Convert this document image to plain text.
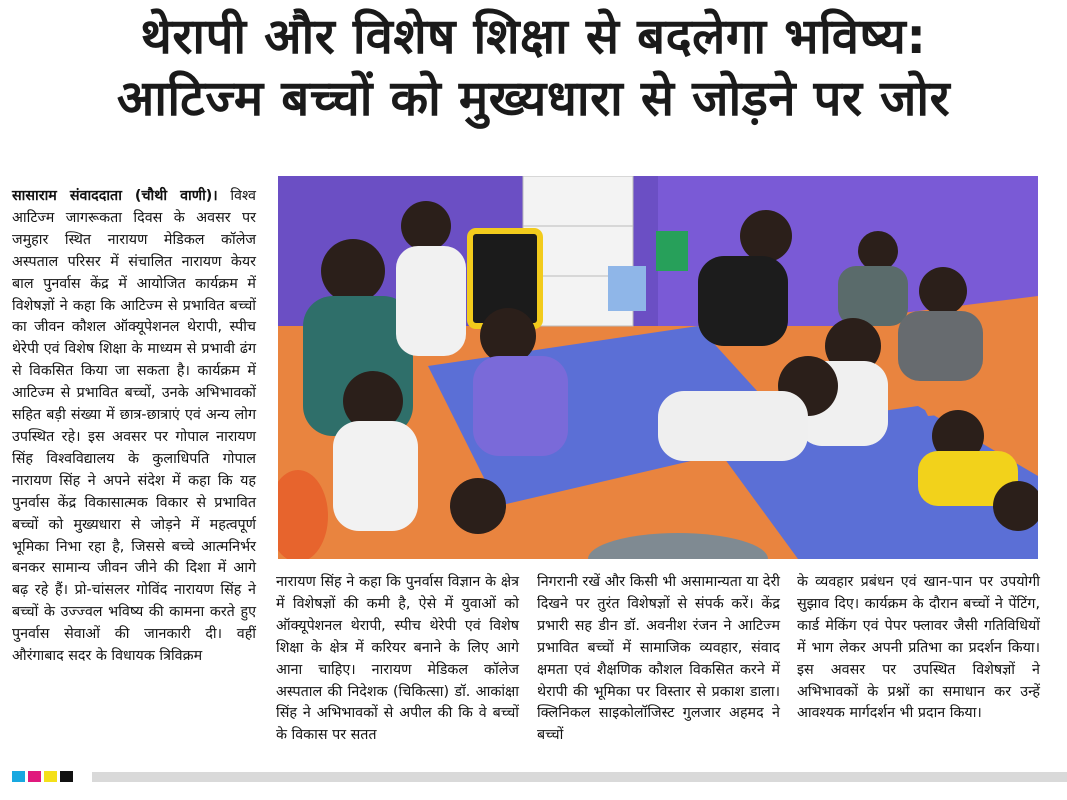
थेरापी और विशेष शिक्षा से बदलेगा भविष्य:
आटिज्म बच्चों को मुख्यधारा से जोड़ने पर जोर
सासाराम संवाददाता (चौथी वाणी)। विश्व आटिज्म जागरूकता दिवस के अवसर पर जमुहार स्थित नारायण मेडिकल कॉलेज अस्पताल परिसर में संचालित नारायण केयर बाल पुनर्वास केंद्र में आयोजित कार्यक्रम में विशेषज्ञों ने कहा कि आटिज्म से प्रभावित बच्चों का जीवन कौशल ऑक्यूपेशनल थेरापी, स्पीच थेरेपी एवं विशेष शिक्षा के माध्यम से प्रभावी ढंग से विकसित किया जा सकता है। कार्यक्रम में आटिज्म से प्रभावित बच्चों, उनके अभिभावकों सहित बड़ी संख्या में छात्र-छात्राएं एवं अन्य लोग उपस्थित रहे। इस अवसर पर गोपाल नारायण सिंह विश्वविद्यालय के कुलाधिपति गोपाल नारायण सिंह ने अपने संदेश में कहा कि यह पुनर्वास केंद्र विकासात्मक विकार से प्रभावित बच्चों को मुख्यधारा से जोड़ने में महत्वपूर्ण भूमिका निभा रहा है, जिससे बच्चे आत्मनिर्भर बनकर सामान्य जीवन जीने की दिशा में आगे बढ़ रहे हैं। प्रो-चांसलर गोविंद नारायण सिंह ने बच्चों के उज्ज्वल भविष्य की कामना करते हुए पुनर्वास सेवाओं की जानकारी दी। वहीं औरंगाबाद सदर के विधायक त्रिविक्रम
नारायण सिंह ने कहा कि पुनर्वास विज्ञान के क्षेत्र में विशेषज्ञों की कमी है, ऐसे में युवाओं को ऑक्यूपेशनल थेरापी, स्पीच थेरेपी एवं विशेष शिक्षा के क्षेत्र में करियर बनाने के लिए आगे आना चाहिए। नारायण मेडिकल कॉलेज अस्पताल की निदेशक (चिकित्सा) डॉ. आकांक्षा सिंह ने अभिभावकों से अपील की कि वे बच्चों के विकास पर सतत
निगरानी रखें और किसी भी असामान्यता या देरी दिखने पर तुरंत विशेषज्ञों से संपर्क करें। केंद्र प्रभारी सह डीन डॉ. अवनीश रंजन ने आटिज्म प्रभावित बच्चों में सामाजिक व्यवहार, संवाद क्षमता एवं शैक्षणिक कौशल विकसित करने में थेरापी की भूमिका पर विस्तार से प्रकाश डाला। क्लिनिकल साइकोलॉजिस्ट गुलजार अहमद ने बच्चों
के व्यवहार प्रबंधन एवं खान-पान पर उपयोगी सुझाव दिए। कार्यक्रम के दौरान बच्चों ने पेंटिंग, कार्ड मेकिंग एवं पेपर फ्लावर जैसी गतिविधियों में भाग लेकर अपनी प्रतिभा का प्रदर्शन किया। इस अवसर पर उपस्थित विशेषज्ञों ने अभिभावकों के प्रश्नों का समाधान कर उन्हें आवश्यक मार्गदर्शन भी प्रदान किया।
